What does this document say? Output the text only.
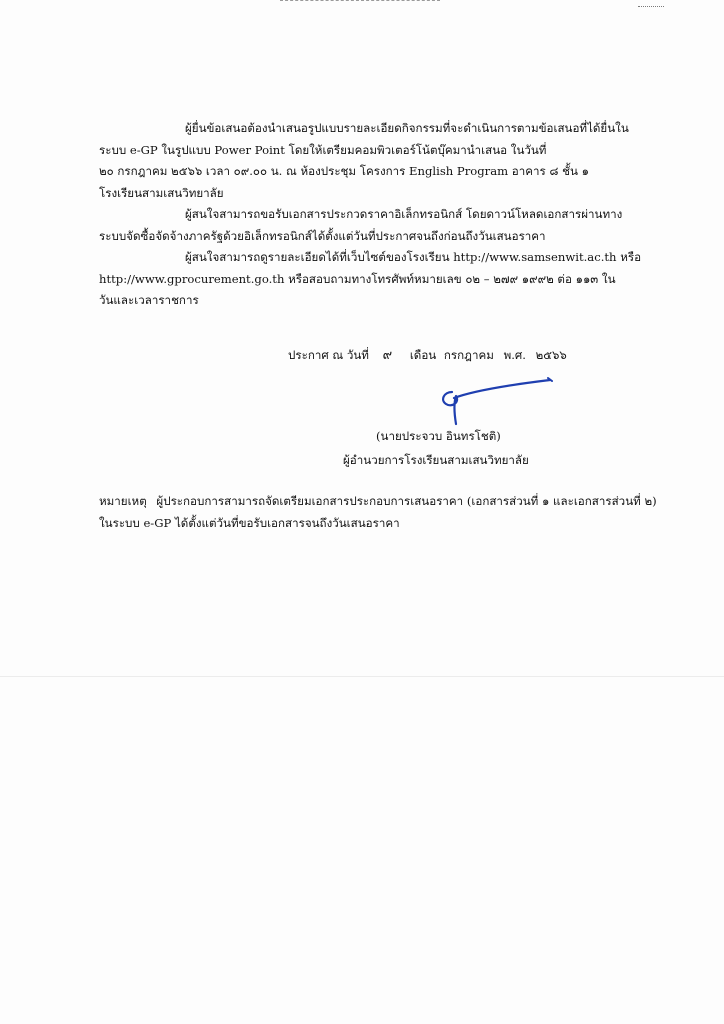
ผู้ยื่นข้อเสนอต้องนำเสนอรูปแบบรายละเอียดกิจกรรมที่จะดำเนินการตามข้อเสนอที่ได้ยื่นใน
ระบบ e-GP ในรูปแบบ Power Point โดยให้เตรียมคอมพิวเตอร์โน้ตบุ๊คมานำเสนอ ในวันที่
๒๐ กรกฎาคม ๒๕๖๖ เวลา ๐๙.๐๐ น. ณ ห้องประชุม โครงการ English Program อาคาร ๘ ชั้น ๑
โรงเรียนสามเสนวิทยาลัย

ผู้สนใจสามารถขอรับเอกสารประกวดราคาอิเล็กทรอนิกส์ โดยดาวน์โหลดเอกสารผ่านทาง
ระบบจัดซื้อจัดจ้างภาครัฐด้วยอิเล็กทรอนิกส์ได้ตั้งแต่วันที่ประกาศจนถึงก่อนถึงวันเสนอราคา

ผู้สนใจสามารถดูรายละเอียดได้ที่เว็บไซต์ของโรงเรียน http://www.samsenwit.ac.th หรือ
http://www.gprocurement.go.th หรือสอบถามทางโทรศัพท์หมายเลข ๐๒ – ๒๗๙ ๑๙๙๒ ต่อ ๑๑๓ ใน
วันและเวลาราชการ

ประกาศ ณ วันที่ ๙ เดือน กรกฎาคม พ.ศ. ๒๕๖๖
(นายประจวบ อินทรโชติ)
ผู้อำนวยการโรงเรียนสามเสนวิทยาลัย
หมายเหตุ ผู้ประกอบการสามารถจัดเตรียมเอกสารประกอบการเสนอราคา (เอกสารส่วนที่ ๑ และเอกสารส่วนที่ ๒)
ในระบบ e-GP ได้ตั้งแต่วันที่ขอรับเอกสารจนถึงวันเสนอราคา
